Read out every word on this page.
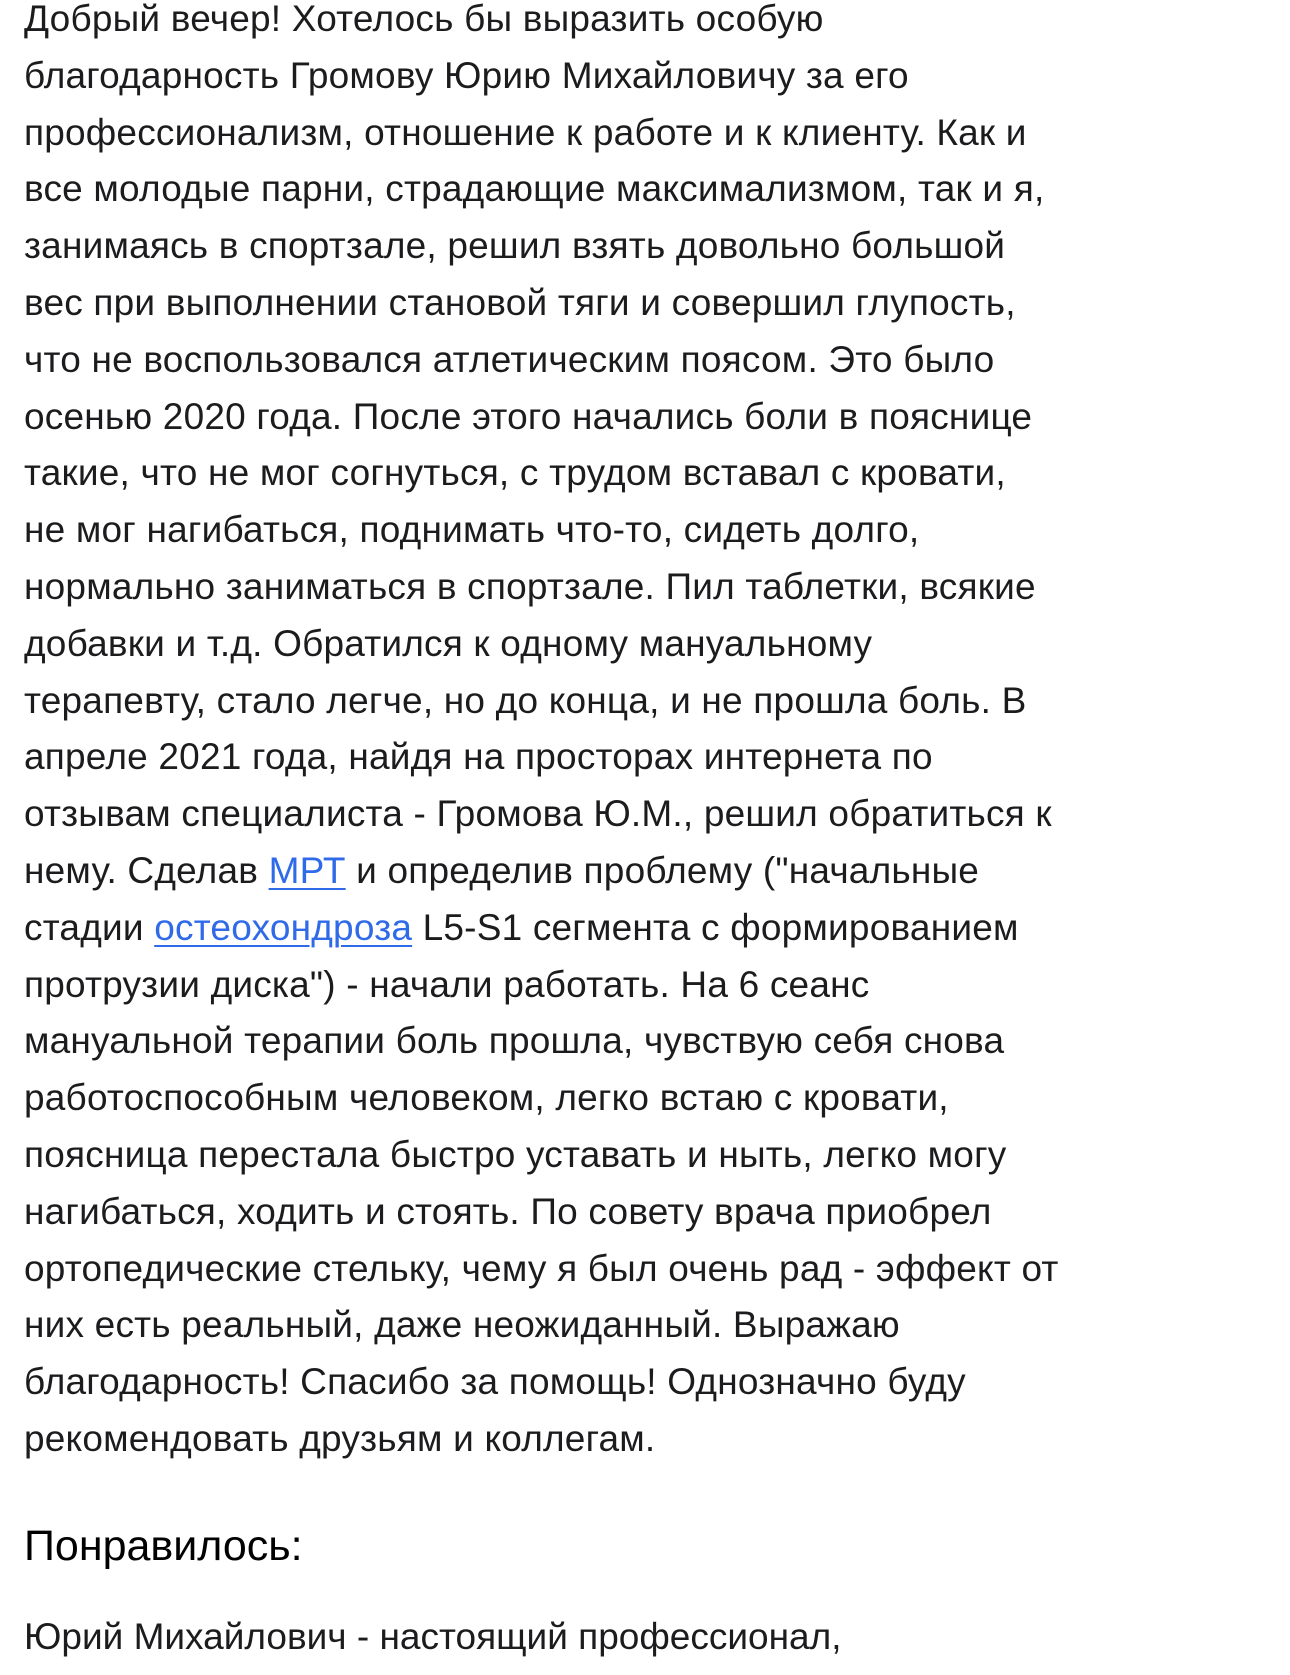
Добрый вечер! Хотелось бы выразить особую
благодарность Громову Юрию Михайловичу за его
профессионализм, отношение к работе и к клиенту. Как и
все молодые парни, страдающие максимализмом, так и я,
занимаясь в спортзале, решил взять довольно большой
вес при выполнении становой тяги и совершил глупость,
что не воспользовался атлетическим поясом. Это было
осенью 2020 года. После этого начались боли в пояснице
такие, что не мог согнуться, с трудом вставал с кровати,
не мог нагибаться, поднимать что-то, сидеть долго,
нормально заниматься в спортзале. Пил таблетки, всякие
добавки и т.д. Обратился к одному мануальному
терапевту, стало легче, но до конца, и не прошла боль. В
апреле 2021 года, найдя на просторах интернета по
отзывам специалиста - Громова Ю.М., решил обратиться к
нему. Сделав МРТ и определив проблему ("начальные
стадии остеохондроза L5-S1 сегмента с формированием
протрузии диска") - начали работать. На 6 сеанс
мануальной терапии боль прошла, чувствую себя снова
работоспособным человеком, легко встаю с кровати,
поясница перестала быстро уставать и ныть, легко могу
нагибаться, ходить и стоять. По совету врача приобрел
ортопедические стельку, чему я был очень рад - эффект от
них есть реальный, даже неожиданный. Выражаю
благодарность! Спасибо за помощь! Однозначно буду
рекомендовать друзьям и коллегам.

Понравилось:

Юрий Михайлович - настоящий профессионал,
